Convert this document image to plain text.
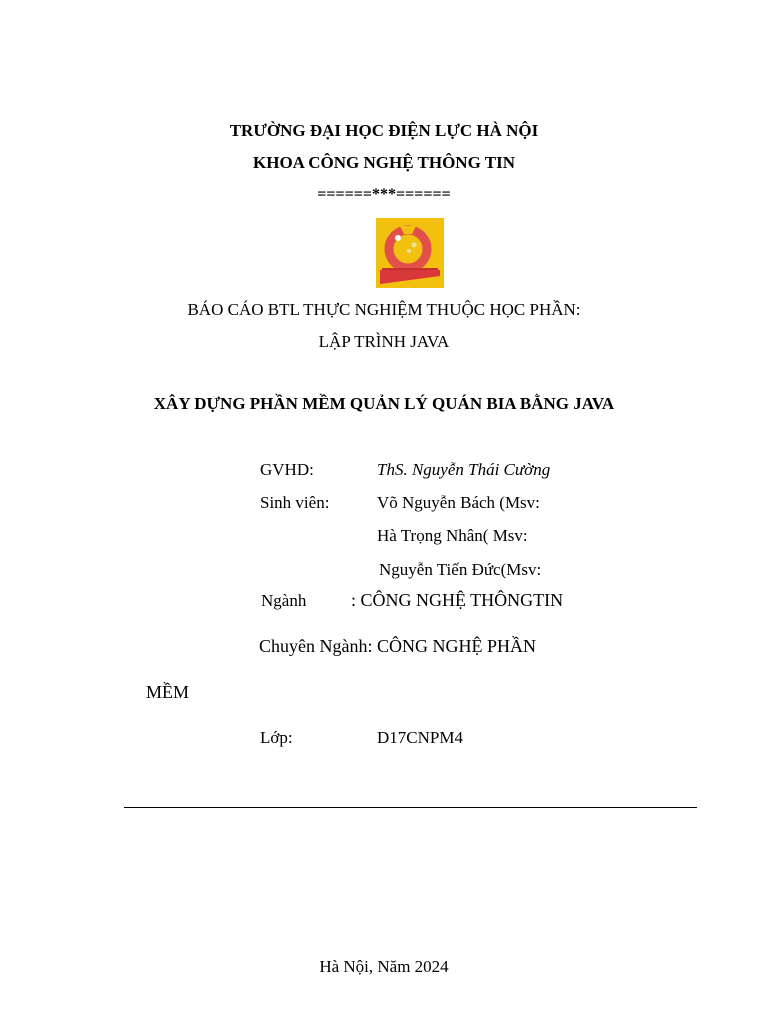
TRƯỜNG ĐẠI HỌC ĐIỆN LỰC HÀ NỘI
KHOA CÔNG NGHỆ THÔNG TIN
======***======
BÁO CÁO BTL THỰC NGHIỆM THUỘC HỌC PHẦN:
LẬP TRÌNH JAVA
XÂY DỰNG PHẦN MỀM QUẢN LÝ QUÁN BIA BẰNG JAVA
GVHD:	ThS. Nguyễn Thái Cường
Sinh viên:	Võ Nguyễn Bách (Msv:
Hà Trọng Nhân( Msv:
Nguyễn Tiến Đức(Msv:
Ngành : CÔNG NGHỆ THÔNGTIN
Chuyên Ngành: CÔNG NGHỆ PHẦN
MỀM
Lớp:	D17CNPM4
Hà Nội, Năm 2024
